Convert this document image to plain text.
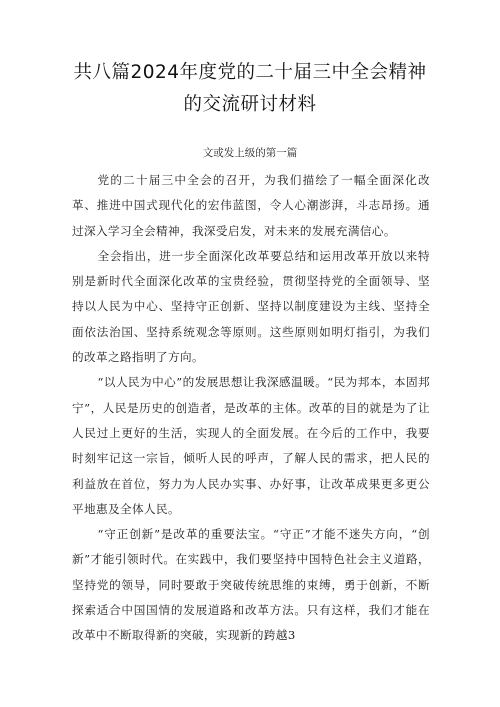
共八篇2024年度党的二十届三中全会精神
的交流研讨材料
文或发上级的第一篇

党的二十届三中全会的召开，为我们描绘了一幅全面深化改革、推进中国式现代化的宏伟蓝图，令人心潮澎湃，斗志昂扬。通过深入学习全会精神，我深受启发，对未来的发展充满信心。

全会指出，进一步全面深化改革要总结和运用改革开放以来特别是新时代全面深化改革的宝贵经验，贯彻坚持党的全面领导、坚持以人民为中心、坚持守正创新、坚持以制度建设为主线、坚持全面依法治国、坚持系统观念等原则。这些原则如明灯指引，为我们的改革之路指明了方向。

“以人民为中心”的发展思想让我深感温暖。“民为邦本，本固邦宁”，人民是历史的创造者，是改革的主体。改革的目的就是为了让人民过上更好的生活，实现人的全面发展。在今后的工作中，我要时刻牢记这一宗旨，倾听人民的呼声，了解人民的需求，把人民的利益放在首位，努力为人民办实事、办好事，让改革成果更多更公平地惠及全体人民。

“守正创新”是改革的重要法宝。“守正”才能不迷失方向，“创新”才能引领时代。在实践中，我们要坚持中国特色社会主义道路，坚持党的领导，同时要敢于突破传统思维的束缚，勇于创新，不断探索适合中国国情的发展道路和改革方法。只有这样，我们才能在改革中不断取得新的突破，实现新的跨越3
